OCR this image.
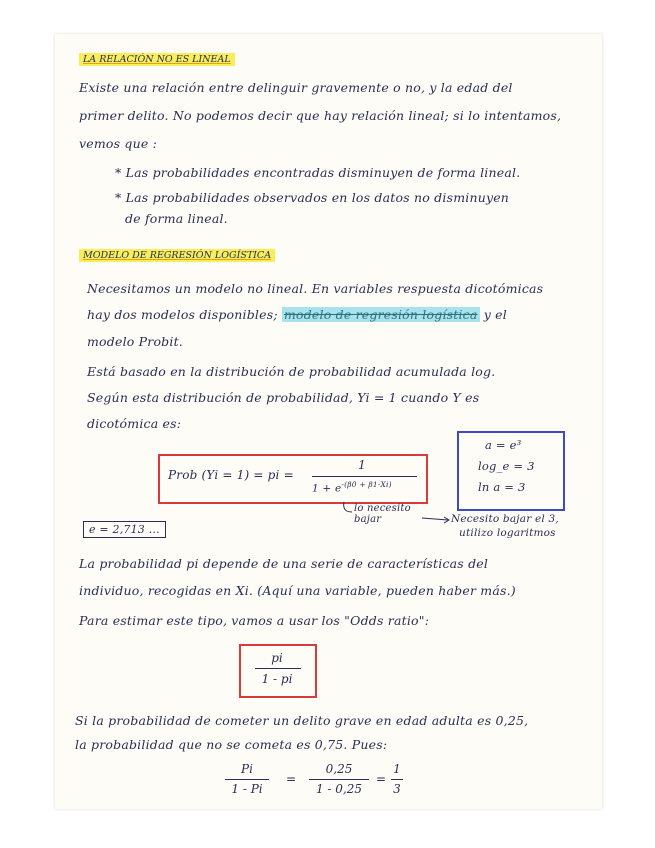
LA RELACIÓN NO ES LINEAL
Existe una relación entre delinguir gravemente o no, y la edad del
primer delito. No podemos decir que hay relación lineal; si lo intentamos,
vemos que :
* Las probabilidades encontradas disminuyen de forma lineal.
* Las probabilidades observados en los datos no disminuyen
de forma lineal.
MODELO DE REGRESIÓN LOGÍSTICA
Necesitamos un modelo no lineal. En variables respuesta dicotómicas
hay dos modelos disponibles; modelo de regresión logística y el
modelo Probit.
Está basado en la distribución de probabilidad acumulada log.
Según esta distribución de probabilidad, Yi = 1 cuando Y es
dicotómica es:
Prob (Yi = 1) = pi =
1
$1 + e^{-(\beta 0 + \beta 1\cdot Xi)}$
a = e³
log_e = 3
ln a = 3
lo necesito bajar	Necesito bajar el 3,
utilizo logaritmos
e = 2,713 ...
La probabilidad pi depende de una serie de características del
individuo, recogidas en Xi. (Aquí una variable, pueden haber más.)
Para estimar este tipo, vamos a usar los "Odds ratio":
pi
1 - pi
Si la probabilidad de cometer un delito grave en edad adulta es 0,25,
la probabilidad que no se cometa es 0,75. Pues:
Pi
1 - Pi
=
0,25
1 - 0,25
=
1
3
